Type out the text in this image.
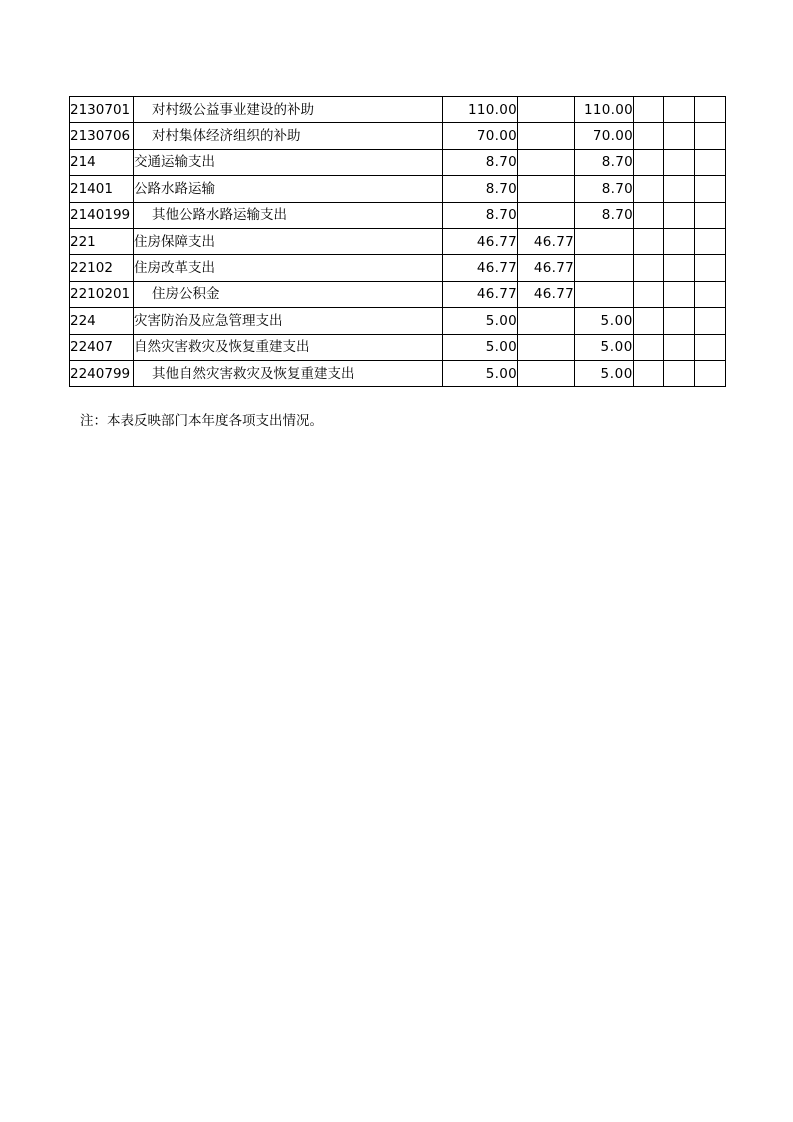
2130701	对村级公益事业建设的补助	110.00		110.00			
2130706	对村集体经济组织的补助	70.00		70.00			
214	交通运输支出	8.70		8.70			
21401	公路水路运输	8.70		8.70			
2140199	其他公路水路运输支出	8.70		8.70			
221	住房保障支出	46.77	46.77				
22102	住房改革支出	46.77	46.77				
2210201	住房公积金	46.77	46.77				
224	灾害防治及应急管理支出	5.00		5.00			
22407	自然灾害救灾及恢复重建支出	5.00		5.00			
2240799	其他自然灾害救灾及恢复重建支出	5.00		5.00			
注：本表反映部门本年度各项支出情况。
